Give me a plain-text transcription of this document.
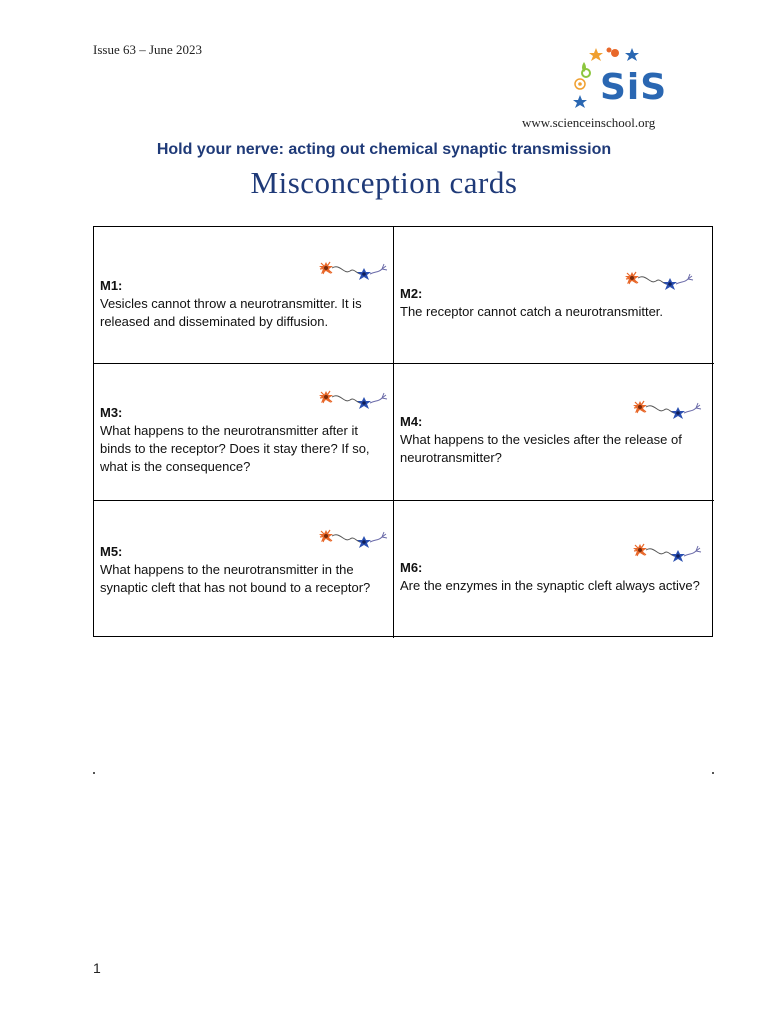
Issue 63 – June 2023
SiS
www.scienceinschool.org
Hold your nerve: acting out chemical synaptic transmission
Misconception cards
M1:
Vesicles cannot throw a neurotransmitter. It is released and disseminated by diffusion.
M2:
The receptor cannot catch a neurotransmitter.
M3:
What happens to the neurotransmitter after it binds to the receptor? Does it stay there? If so, what is the consequence?
M4:
What happens to the vesicles after the release of neurotransmitter?
M5:
What happens to the neurotransmitter in the synaptic cleft that has not bound to a receptor?
M6:
Are the enzymes in the synaptic cleft always active?
1
